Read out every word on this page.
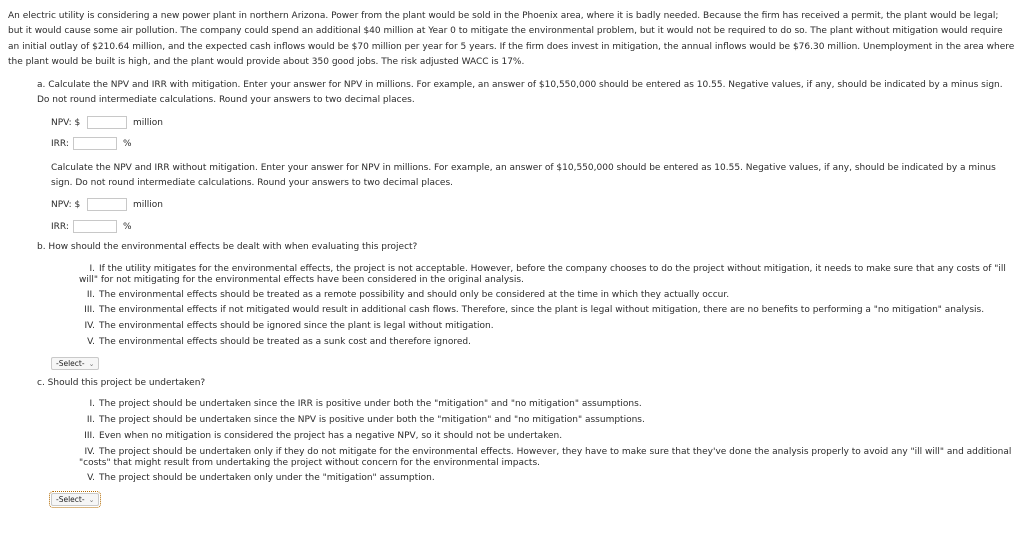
An electric utility is considering a new power plant in northern Arizona. Power from the plant would be sold in the Phoenix area, where it is badly needed. Because the firm has received a permit, the plant would be legal; but it would cause some air pollution. The company could spend an additional $40 million at Year 0 to mitigate the environmental problem, but it would not be required to do so. The plant without mitigation would require an initial outlay of $210.64 million, and the expected cash inflows would be $70 million per year for 5 years. If the firm does invest in mitigation, the annual inflows would be $76.30 million. Unemployment in the area where the plant would be built is high, and the plant would provide about 350 good jobs. The risk adjusted WACC is 17%.
a. Calculate the NPV and IRR with mitigation. Enter your answer for NPV in millions. For example, an answer of $10,550,000 should be entered as 10.55. Negative values, if any, should be indicated by a minus sign. Do not round intermediate calculations. Round your answers to two decimal places.
NPV: $	million
IRR:	%
Calculate the NPV and IRR without mitigation. Enter your answer for NPV in millions. For example, an answer of $10,550,000 should be entered as 10.55. Negative values, if any, should be indicated by a minus sign. Do not round intermediate calculations. Round your answers to two decimal places.
NPV: $	million
IRR:	%
b. How should the environmental effects be dealt with when evaluating this project?
I. If the utility mitigates for the environmental effects, the project is not acceptable. However, before the company chooses to do the project without mitigation, it needs to make sure that any costs of "ill will" for not mitigating for the environmental effects have been considered in the original analysis.
II. The environmental effects should be treated as a remote possibility and should only be considered at the time in which they actually occur.
III. The environmental effects if not mitigated would result in additional cash flows. Therefore, since the plant is legal without mitigation, there are no benefits to performing a "no mitigation" analysis.
IV. The environmental effects should be ignored since the plant is legal without mitigation.
V. The environmental effects should be treated as a sunk cost and therefore ignored.
-Select- ⌄
c. Should this project be undertaken?
I. The project should be undertaken since the IRR is positive under both the "mitigation" and "no mitigation" assumptions.
II. The project should be undertaken since the NPV is positive under both the "mitigation" and "no mitigation" assumptions.
III. Even when no mitigation is considered the project has a negative NPV, so it should not be undertaken.
IV. The project should be undertaken only if they do not mitigate for the environmental effects. However, they have to make sure that they've done the analysis properly to avoid any "ill will" and additional "costs" that might result from undertaking the project without concern for the environmental impacts.
V. The project should be undertaken only under the "mitigation" assumption.
-Select- ⌄
